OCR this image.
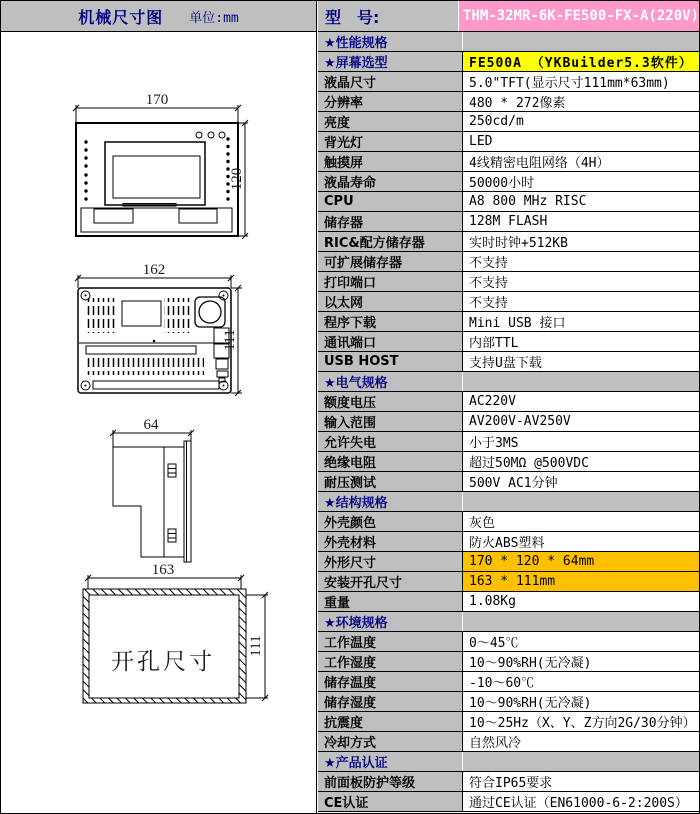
机械尺寸图 单位:mm
170
120
162
111
64
163
开孔尺寸
111
型　号:	THM-32MR-6K-FE500-FX-A(220V)
★性能规格
★屏幕选型	FE500A （YKBuilder5.3软件）
液晶尺寸	5.0"TFT(显示尺寸111mm*63mm)
分辨率	480 * 272像素
亮度	250cd/m
背光灯	LED
触摸屏	4线精密电阻网络（4H）
液晶寿命	50000小时
CPU	A8 800 MHz RISC
储存器	128M FLASH
RIC&配方储存器	实时时钟+512KB
可扩展储存器	不支持
打印端口	不支持
以太网	不支持
程序下载	Mini USB 接口
通讯端口	内部TTL
USB HOST	支持U盘下载
★电气规格
额度电压	AC220V
输入范围	AV200V-AV250V
允许失电	小于3MS
绝缘电阻	超过50MΩ @500VDC
耐压测试	500V AC1分钟
★结构规格
外壳颜色	灰色
外壳材料	防火ABS塑料
外形尺寸	170 * 120 * 64mm
安装开孔尺寸	163 * 111mm
重量	1.08Kg
★环境规格
工作温度	0～45℃
工作湿度	10～90%RH(无冷凝)
储存温度	-10～60℃
储存湿度	10～90%RH(无冷凝)
抗震度	10～25Hz（X、Y、Z方向2G/30分钟）
冷却方式	自然风冷
★产品认证
前面板防护等级	符合IP65要求
CE认证	通过CE认证（EN61000-6-2:200S）
